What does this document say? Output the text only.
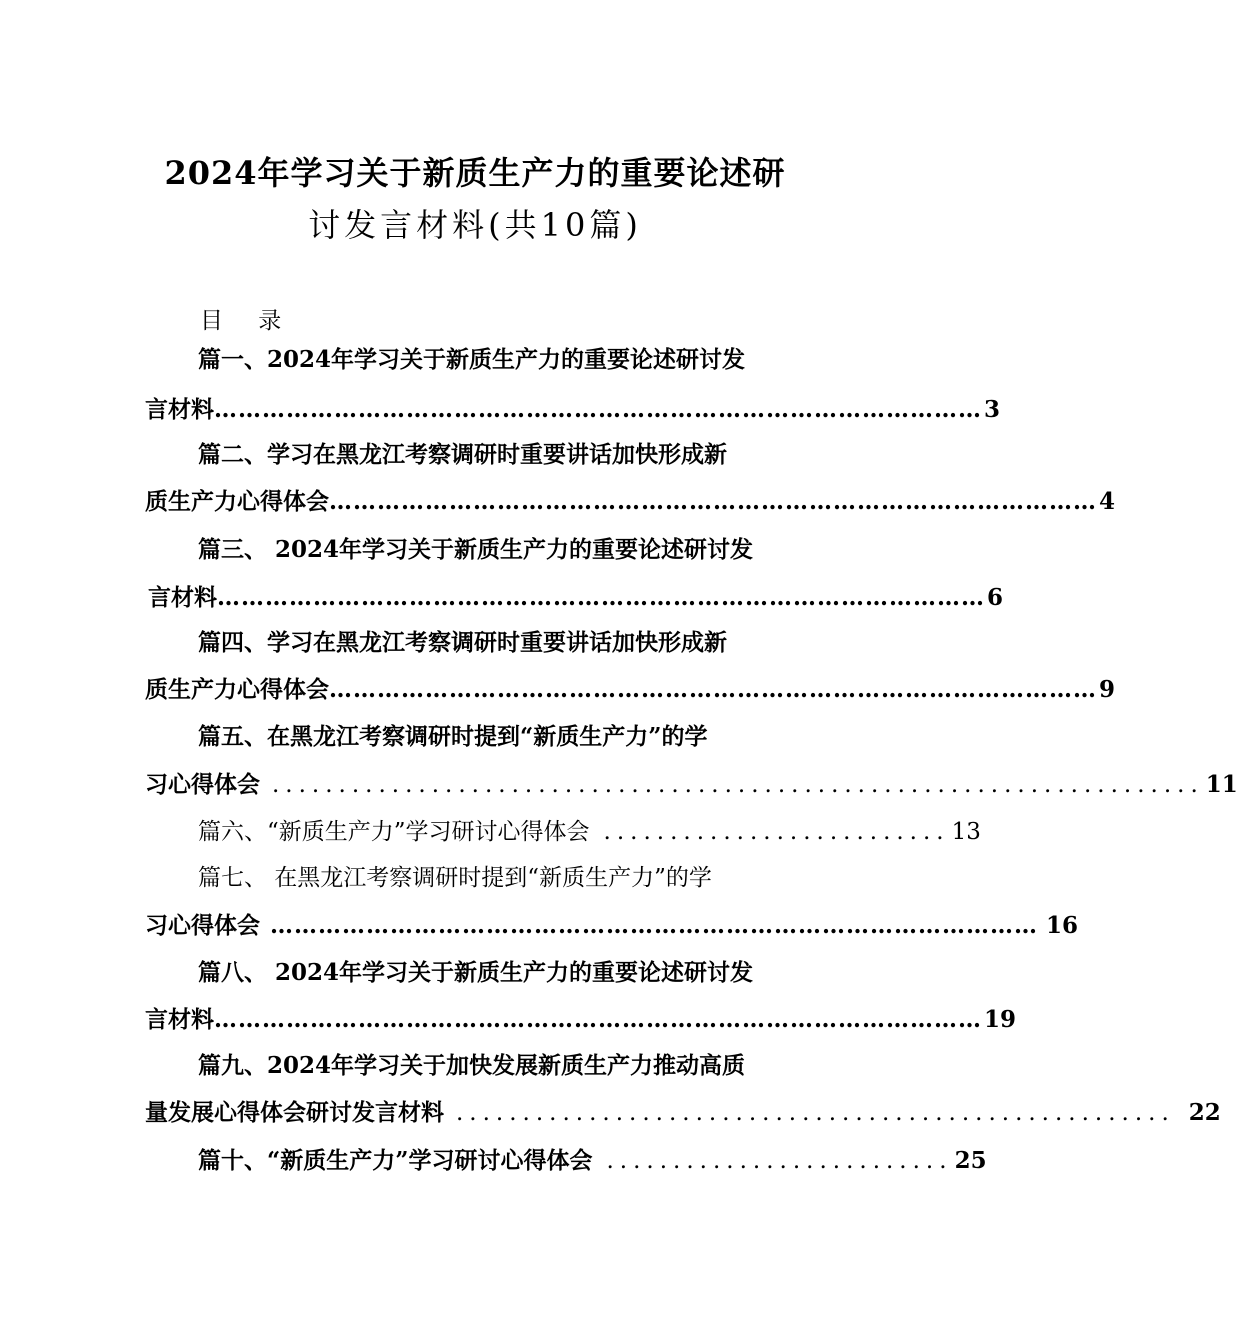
2024年学习关于新质生产力的重要论述研
讨发言材料(共10篇)
目 录
篇一、2024年学习关于新质生产力的重要论述研讨发
言材料 …………………………………………………………………………………… 3
篇二、学习在黑龙江考察调研时重要讲话加快形成新
质生产力心得体会 …………………………………………………………………………………… 4
篇三、 2024年学习关于新质生产力的重要论述研讨发
言材料 …………………………………………………………………………………… 6
篇四、学习在黑龙江考察调研时重要讲话加快形成新
质生产力心得体会 …………………………………………………………………………………… 9
篇五、在黑龙江考察调研时提到“新质生产力”的学
习心得体会 ...................................................................... 11
篇六、“新质生产力”学习研讨心得体会 .......................... 13
篇七、 在黑龙江考察调研时提到“新质生产力”的学
习心得体会 …………………………………………………………………………………… 16
篇八、 2024年学习关于新质生产力的重要论述研讨发
言材料 …………………………………………………………………………………… 19
篇九、2024年学习关于加快发展新质生产力推动高质
量发展心得体会研讨发言材料 ...................................................... 22
篇十、“新质生产力”学习研讨心得体会 .......................... 25
